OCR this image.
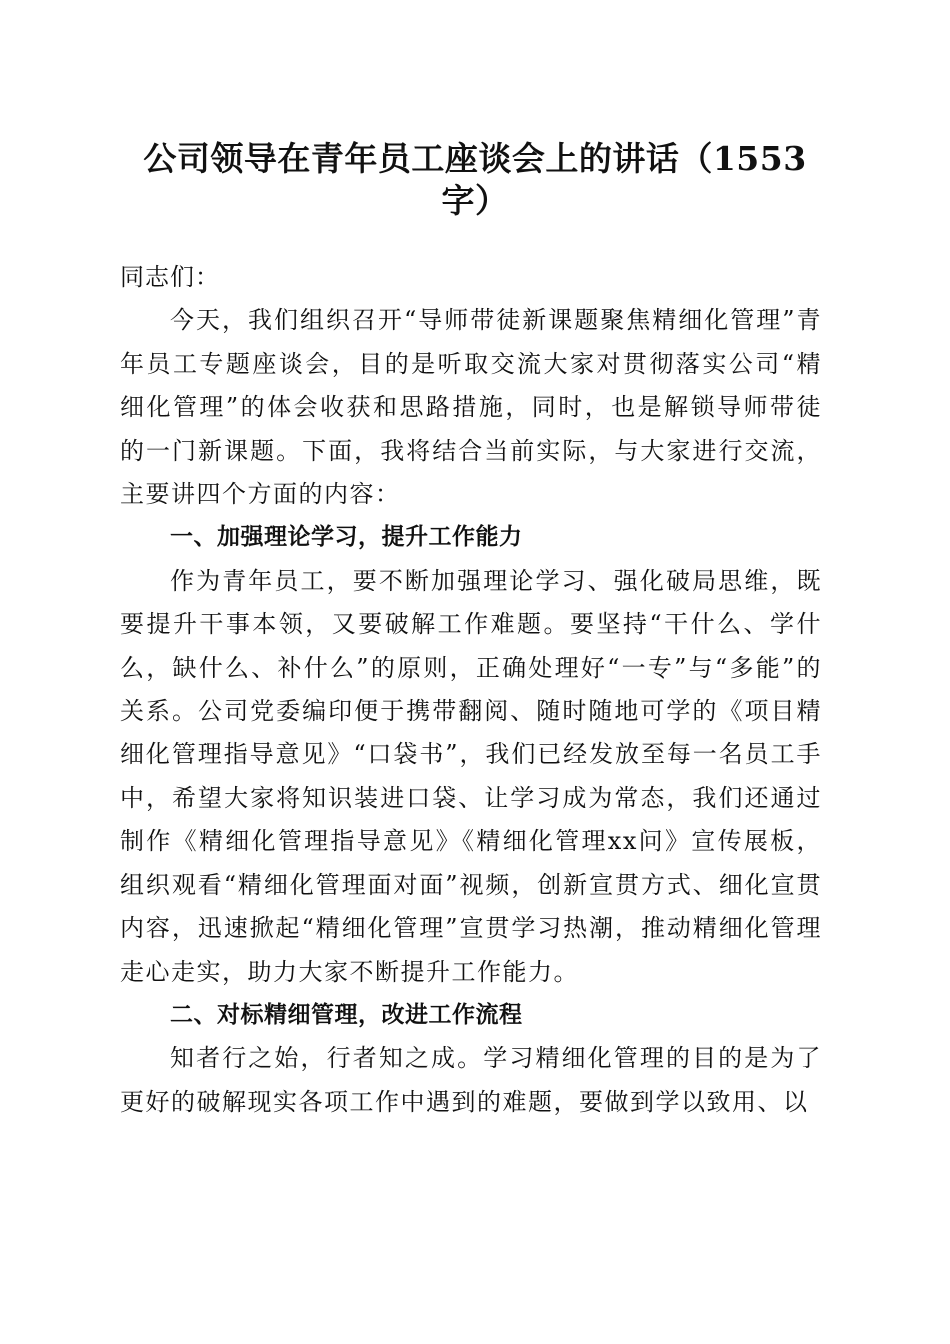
公司领导在青年员工座谈会上的讲话（1553字）

同志们：

今天，我们组织召开“导师带徒新课题聚焦精细化管理”青年员工专题座谈会，目的是听取交流大家对贯彻落实公司“精细化管理”的体会收获和思路措施，同时，也是解锁导师带徒的一门新课题。下面，我将结合当前实际，与大家进行交流，主要讲四个方面的内容：

一、加强理论学习，提升工作能力

作为青年员工，要不断加强理论学习、强化破局思维，既要提升干事本领，又要破解工作难题。要坚持“干什么、学什么，缺什么、补什么”的原则，正确处理好“一专”与“多能”的关系。公司党委编印便于携带翻阅、随时随地可学的《项目精细化管理指导意见》“口袋书”，我们已经发放至每一名员工手中，希望大家将知识装进口袋、让学习成为常态，我们还通过制作《精细化管理指导意见》《精细化管理xx问》宣传展板，组织观看“精细化管理面对面”视频，创新宣贯方式、细化宣贯内容，迅速掀起“精细化管理”宣贯学习热潮，推动精细化管理走心走实，助力大家不断提升工作能力。

二、对标精细管理，改进工作流程

知者行之始，行者知之成。学习精细化管理的目的是为了更好的破解现实各项工作中遇到的难题，要做到学以致用、以
